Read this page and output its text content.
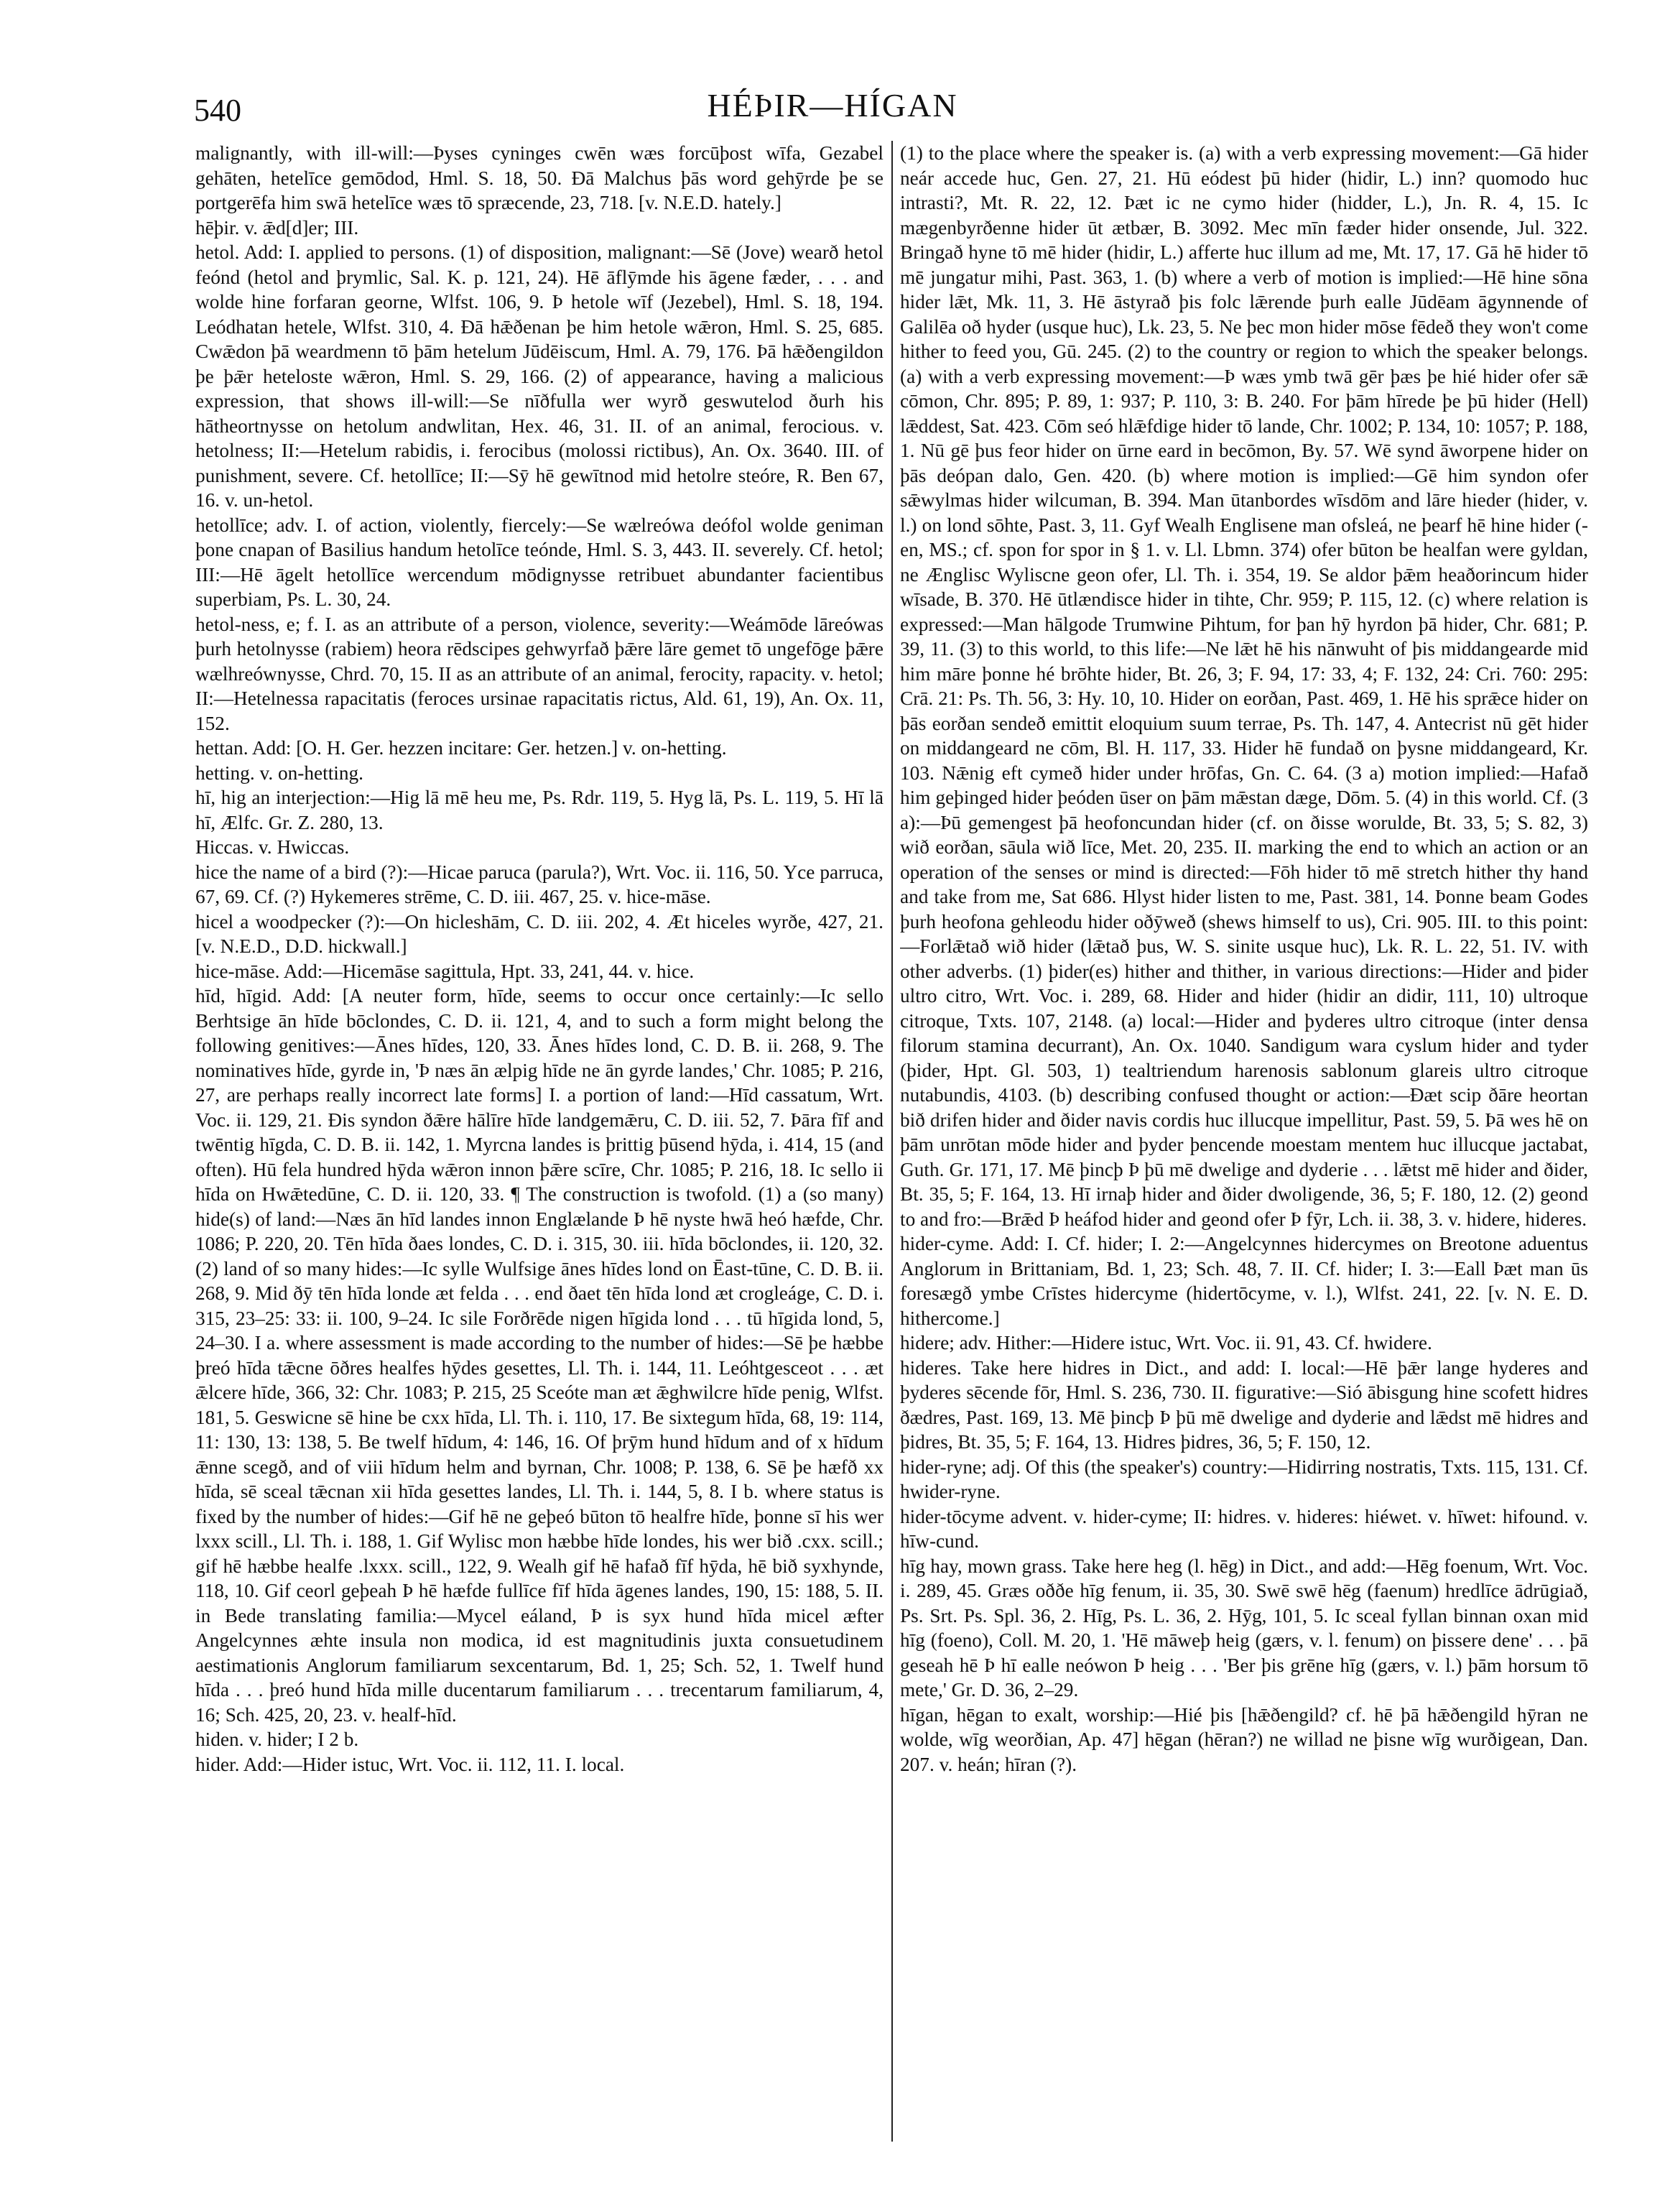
540	HÉÞIR—HÍGAN

malignantly, with ill-will:—Þyses cyninges cwēn wæs forcūþost wīfa, Gezabel gehāten, hetelīce gemōdod, Hml. S. 18, 50. Ðā Malchus þās word gehȳrde þe se portgerēfa him swā hetelīce wæs tō spræcende, 23, 718. [v. N.E.D. hately.]

hēþir. v. ǣd[d]er; III.

hetol. Add: I. applied to persons. (1) of disposition, malignant:—Sē (Jove) wearð hetol feónd (hetol and þrymlic, Sal. K. p. 121, 24). Hē āflȳmde his āgene fæder, . . . and wolde hine forfaran georne, Wlfst. 106, 9. Þ hetole wīf (Jezebel), Hml. S. 18, 194. Leódhatan hetele, Wlfst. 310, 4. Ðā hǣðenan þe him hetole wǣron, Hml. S. 25, 685. Cwǣdon þā weardmenn tō þām hetelum Jūdēiscum, Hml. A. 79, 176. Þā hǣðengildon þe þǣr heteloste wǣron, Hml. S. 29, 166. (2) of appearance, having a malicious expression, that shows ill-will:—Se nīðfulla wer wyrð geswutelod ðurh his hātheortnysse on hetolum andwlitan, Hex. 46, 31. II. of an animal, ferocious. v. hetolness; II:—Hetelum rabidis, i. ferocibus (molossi rictibus), An. Ox. 3640. III. of punishment, severe. Cf. hetollīce; II:—Sȳ hē gewītnod mid hetolre steóre, R. Ben 67, 16. v. un-hetol.

hetollīce; adv. I. of action, violently, fiercely:—Se wælreówa deófol wolde geniman þone cnapan of Basilius handum hetolīce teónde, Hml. S. 3, 443. II. severely. Cf. hetol; III:—Hē āgelt hetollīce wercendum mōdignysse retribuet abundanter facientibus superbiam, Ps. L. 30, 24.

hetol-ness, e; f. I. as an attribute of a person, violence, severity:—Weámōde lāreówas þurh hetolnysse (rabiem) heora rēdscipes gehwyrfað þǣre lāre gemet tō ungefōge þǣre wælhreównysse, Chrd. 70, 15. II as an attribute of an animal, ferocity, rapacity. v. hetol; II:—Hetelnessa rapacitatis (feroces ursinae rapacitatis rictus, Ald. 61, 19), An. Ox. 11, 152.

hettan. Add: [O. H. Ger. hezzen incitare: Ger. hetzen.] v. on-hetting.

hetting. v. on-hetting.

hī, hig an interjection:—Hig lā mē heu me, Ps. Rdr. 119, 5. Hyg lā, Ps. L. 119, 5. Hī lā hī, Ælfc. Gr. Z. 280, 13.

Hiccas. v. Hwiccas.

hice the name of a bird (?):—Hicae paruca (parula?), Wrt. Voc. ii. 116, 50. Yce parruca, 67, 69. Cf. (?) Hykemeres strēme, C. D. iii. 467, 25. v. hice-māse.

hicel a woodpecker (?):—On hicleshām, C. D. iii. 202, 4. Æt hiceles wyrðe, 427, 21. [v. N.E.D., D.D. hickwall.]

hice-māse. Add:—Hicemāse sagittula, Hpt. 33, 241, 44. v. hice.

hīd, hīgid. Add: [A neuter form, hīde, seems to occur once certainly:—Ic sello Berhtsige ān hīde bōclondes, C. D. ii. 121, 4, and to such a form might belong the following genitives:—Ānes hīdes, 120, 33. Ānes hīdes lond, C. D. B. ii. 268, 9. The nominatives hīde, gyrde in, 'Þ næs ān ælpig hīde ne ān gyrde landes,' Chr. 1085; P. 216, 27, are perhaps really incorrect late forms] I. a portion of land:—Hīd cassatum, Wrt. Voc. ii. 129, 21. Ðis syndon ðǣre hālīre hīde landgemǣru, C. D. iii. 52, 7. Þāra fīf and twēntig hīgda, C. D. B. ii. 142, 1. Myrcna landes is þrittig þūsend hȳda, i. 414, 15 (and often). Hū fela hundred hȳda wǣron innon þǣre scīre, Chr. 1085; P. 216, 18. Ic sello ii hīda on Hwǣtedūne, C. D. ii. 120, 33. ¶ The construction is twofold. (1) a (so many) hide(s) of land:—Næs ān hīd landes innon Englælande Þ hē nyste hwā heó hæfde, Chr. 1086; P. 220, 20. Tēn hīda ðaes londes, C. D. i. 315, 30. iii. hīda bōclondes, ii. 120, 32. (2) land of so many hides:—Ic sylle Wulfsige ānes hīdes lond on Ēast-tūne, C. D. B. ii. 268, 9. Mid ðȳ tēn hīda londe æt felda . . . end ðaet tēn hīda lond æt crogleáge, C. D. i. 315, 23–25: 33: ii. 100, 9–24. Ic sile Forðrēde nigen hīgida lond . . . tū hīgida lond, 5, 24–30. I a. where assessment is made according to the number of hides:—Sē þe hæbbe þreó hīda tǣcne ōðres healfes hȳdes gesettes, Ll. Th. i. 144, 11. Leóhtgesceot . . . æt ǣlcere hīde, 366, 32: Chr. 1083; P. 215, 25 Sceóte man æt ǣghwilcre hīde penig, Wlfst. 181, 5. Geswicne sē hine be cxx hīda, Ll. Th. i. 110, 17. Be sixtegum hīda, 68, 19: 114, 11: 130, 13: 138, 5. Be twelf hīdum, 4: 146, 16. Of þrȳm hund hīdum and of x hīdum ǣnne scegð, and of viii hīdum helm and byrnan, Chr. 1008; P. 138, 6. Sē þe hæfð xx hīda, sē sceal tǣcnan xii hīda gesettes landes, Ll. Th. i. 144, 5, 8. I b. where status is fixed by the number of hides:—Gif hē ne geþeó būton tō healfre hīde, þonne sī his wer lxxx scill., Ll. Th. i. 188, 1. Gif Wylisc mon hæbbe hīde londes, his wer bið .cxx. scill.; gif hē hæbbe healfe .lxxx. scill., 122, 9. Wealh gif hē hafað fīf hȳda, hē bið syxhynde, 118, 10. Gif ceorl geþeah Þ hē hæfde fullīce fīf hīda āgenes landes, 190, 15: 188, 5. II. in Bede translating familia:—Mycel eáland, Þ is syx hund hīda micel æfter Angelcynnes æhte insula non modica, id est magnitudinis juxta consuetudinem aestimationis Anglorum familiarum sexcentarum, Bd. 1, 25; Sch. 52, 1. Twelf hund hīda . . . þreó hund hīda mille ducentarum familiarum . . . trecentarum familiarum, 4, 16; Sch. 425, 20, 23. v. healf-hīd.

hiden. v. hider; I 2 b.

hider. Add:—Hider istuc, Wrt. Voc. ii. 112, 11. I. local.

(1) to the place where the speaker is. (a) with a verb expressing movement:—Gā hider neár accede huc, Gen. 27, 21. Hū eódest þū hider (hidir, L.) inn? quomodo huc intrasti?, Mt. R. 22, 12. Þæt ic ne cymo hider (hidder, L.), Jn. R. 4, 15. Ic mægenbyrðenne hider ūt ætbær, B. 3092. Mec mīn fæder hider onsende, Jul. 322. Bringað hyne tō mē hider (hidir, L.) afferte huc illum ad me, Mt. 17, 17. Gā hē hider tō mē jungatur mihi, Past. 363, 1. (b) where a verb of motion is implied:—Hē hine sōna hider lǣt, Mk. 11, 3. Hē āstyrað þis folc lǣrende þurh ealle Jūdēam āgynnende of Galilēa oð hyder (usque huc), Lk. 23, 5. Ne þec mon hider mōse fēdeð they won't come hither to feed you, Gū. 245. (2) to the country or region to which the speaker belongs. (a) with a verb expressing movement:—Þ wæs ymb twā gēr þæs þe hié hider ofer sǣ cōmon, Chr. 895; P. 89, 1: 937; P. 110, 3: B. 240. For þām hīrede þe þū hider (Hell) lǣddest, Sat. 423. Cōm seó hlǣfdige hider tō lande, Chr. 1002; P. 134, 10: 1057; P. 188, 1. Nū gē þus feor hider on ūrne eard in becōmon, By. 57. Wē synd āworpene hider on þās deópan dalo, Gen. 420. (b) where motion is implied:—Gē him syndon ofer sǣwylmas hider wilcuman, B. 394. Man ūtanbordes wīsdōm and lāre hieder (hider, v. l.) on lond sōhte, Past. 3, 11. Gyf Wealh Englisene man ofsleá, ne þearf hē hine hider (-en, MS.; cf. spon for spor in § 1. v. Ll. Lbmn. 374) ofer būton be healfan were gyldan, ne Ænglisc Wyliscne geon ofer, Ll. Th. i. 354, 19. Se aldor þǣm heaðorincum hider wīsade, B. 370. Hē ūtlændisce hider in tihte, Chr. 959; P. 115, 12. (c) where relation is expressed:—Man hālgode Trumwine Pihtum, for þan hȳ hyrdon þā hider, Chr. 681; P. 39, 11. (3) to this world, to this life:—Ne lǣt hē his nānwuht of þis middangearde mid him māre þonne hé brōhte hider, Bt. 26, 3; F. 94, 17: 33, 4; F. 132, 24: Cri. 760: 295: Crā. 21: Ps. Th. 56, 3: Hy. 10, 10. Hider on eorðan, Past. 469, 1. Hē his sprǣce hider on þās eorðan sendeð emittit eloquium suum terrae, Ps. Th. 147, 4. Antecrist nū gēt hider on middangeard ne cōm, Bl. H. 117, 33. Hider hē fundað on þysne middangeard, Kr. 103. Nǣnig eft cymeð hider under hrōfas, Gn. C. 64. (3 a) motion implied:—Hafað him geþinged hider þeóden ūser on þām mǣstan dæge, Dōm. 5. (4) in this world. Cf. (3 a):—Þū gemengest þā heofoncundan hider (cf. on ðisse worulde, Bt. 33, 5; S. 82, 3) wið eorðan, sāula wið līce, Met. 20, 235. II. marking the end to which an action or an operation of the senses or mind is directed:—Fōh hider tō mē stretch hither thy hand and take from me, Sat 686. Hlyst hider listen to me, Past. 381, 14. Þonne beam Godes þurh heofona gehleodu hider oðȳweð (shews himself to us), Cri. 905. III. to this point:—Forlǣtað wið hider (lǣtað þus, W. S. sinite usque huc), Lk. R. L. 22, 51. IV. with other adverbs. (1) þider(es) hither and thither, in various directions:—Hider and þider ultro citro, Wrt. Voc. i. 289, 68. Hider and hider (hidir an didir, 111, 10) ultroque citroque, Txts. 107, 2148. (a) local:—Hider and þyderes ultro citroque (inter densa filorum stamina decurrant), An. Ox. 1040. Sandigum wara cyslum hider and tyder (þider, Hpt. Gl. 503, 1) tealtriendum harenosis sablonum glareis ultro citroque nutabundis, 4103. (b) describing confused thought or action:—Ðæt scip ðāre heortan bið drifen hider and ðider navis cordis huc illucque impellitur, Past. 59, 5. Þā wes hē on þām unrōtan mōde hider and þyder þencende moestam mentem huc illucque jactabat, Guth. Gr. 171, 17. Mē þincþ Þ þū mē dwelige and dyderie . . . lǣtst mē hider and ðider, Bt. 35, 5; F. 164, 13. Hī irnaþ hider and ðider dwoligende, 36, 5; F. 180, 12. (2) geond to and fro:—Brǣd Þ heáfod hider and geond ofer Þ fȳr, Lch. ii. 38, 3. v. hidere, hideres.

hider-cyme. Add: I. Cf. hider; I. 2:—Angelcynnes hidercymes on Breotone aduentus Anglorum in Brittaniam, Bd. 1, 23; Sch. 48, 7. II. Cf. hider; I. 3:—Eall Þæt man ūs foresægð ymbe Crīstes hidercyme (hidertōcyme, v. l.), Wlfst. 241, 22. [v. N. E. D. hithercome.]

hidere; adv. Hither:—Hidere istuc, Wrt. Voc. ii. 91, 43. Cf. hwidere.

hideres. Take here hidres in Dict., and add: I. local:—Hē þǣr lange hyderes and þyderes sēcende fōr, Hml. S. 236, 730. II. figurative:—Sió ābisgung hine scofett hidres ðædres, Past. 169, 13. Mē þincþ Þ þū mē dwelige and dyderie and lǣdst mē hidres and þidres, Bt. 35, 5; F. 164, 13. Hidres þidres, 36, 5; F. 150, 12.

hider-ryne; adj. Of this (the speaker's) country:—Hidirring nostratis, Txts. 115, 131. Cf. hwider-ryne.

hider-tōcyme advent. v. hider-cyme; II: hidres. v. hideres: hiéwet. v. hīwet: hifound. v. hīw-cund.

hīg hay, mown grass. Take here heg (l. hēg) in Dict., and add:—Hēg foenum, Wrt. Voc. i. 289, 45. Græs oððe hīg fenum, ii. 35, 30. Swē swē hēg (faenum) hredlīce ādrūgiað, Ps. Srt. Ps. Spl. 36, 2. Hīg, Ps. L. 36, 2. Hȳg, 101, 5. Ic sceal fyllan binnan oxan mid hīg (foeno), Coll. M. 20, 1. 'Hē māweþ heig (gærs, v. l. fenum) on þissere dene' . . . þā geseah hē Þ hī ealle neówon Þ heig . . . 'Ber þis grēne hīg (gærs, v. l.) þām horsum tō mete,' Gr. D. 36, 2–29.

hīgan, hēgan to exalt, worship:—Hié þis [hǣðengild? cf. hē þā hǣðengild hȳran ne wolde, wīg weorðian, Ap. 47] hēgan (hēran?) ne willad ne þisne wīg wurðigean, Dan. 207. v. heán; hīran (?).
